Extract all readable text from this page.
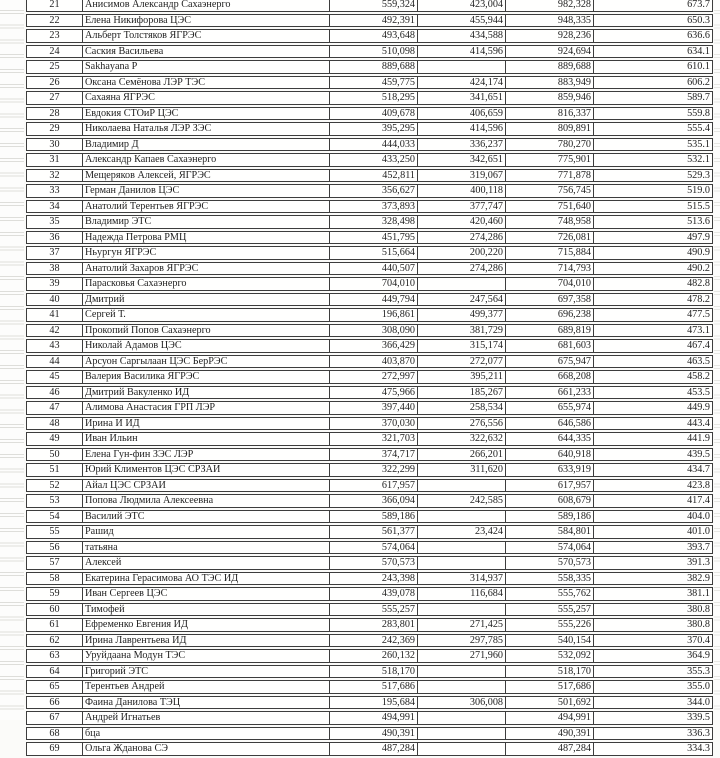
21	Анисимов Александр Сахаэнерго	559,324	423,004	982,328	673.7
22	Елена Никифорова ЦЭС	492,391	455,944	948,335	650.3
23	Альберт Толстяков ЯГРЭС	493,648	434,588	928,236	636.6
24	Саския Васильева	510,098	414,596	924,694	634.1
25	Sakhayana P	889,688		889,688	610.1
26	Оксана Семёнова ЛЭР ТЭС	459,775	424,174	883,949	606.2
27	Сахаяна ЯГРЭС	518,295	341,651	859,946	589.7
28	Евдокия СТОиР ЦЭС	409,678	406,659	816,337	559.8
29	Николаева Наталья ЛЭР ЗЭС	395,295	414,596	809,891	555.4
30	Владимир Д	444,033	336,237	780,270	535.1
31	Александр Капаев Сахаэнерго	433,250	342,651	775,901	532.1
32	Мещеряков Алексей, ЯГРЭС	452,811	319,067	771,878	529.3
33	Герман Данилов ЦЭС	356,627	400,118	756,745	519.0
34	Анатолий Терентьев ЯГРЭС	373,893	377,747	751,640	515.5
35	Владимир ЭТС	328,498	420,460	748,958	513.6
36	Надежда Петрова РМЦ	451,795	274,286	726,081	497.9
37	Ньургун ЯГРЭС	515,664	200,220	715,884	490.9
38	Анатолий Захаров ЯГРЭС	440,507	274,286	714,793	490.2
39	Парасковья Сахаэнерго	704,010		704,010	482.8
40	Дмитрий	449,794	247,564	697,358	478.2
41	Сергей Т.	196,861	499,377	696,238	477.5
42	Прокопий Попов Сахаэнерго	308,090	381,729	689,819	473.1
43	Николай Адамов ЦЭС	366,429	315,174	681,603	467.4
44	Арсуон Саргылаан ЦЭС БерРЭС	403,870	272,077	675,947	463.5
45	Валерия Василика ЯГРЭС	272,997	395,211	668,208	458.2
46	Дмитрий Вакуленко ИД	475,966	185,267	661,233	453.5
47	Алимова Анастасия ГРП ЛЭР	397,440	258,534	655,974	449.9
48	Ирина И ИД	370,030	276,556	646,586	443.4
49	Иван Ильин	321,703	322,632	644,335	441.9
50	Елена Гун-фин ЗЭС ЛЭР	374,717	266,201	640,918	439.5
51	Юрий Климентов ЦЭС СРЗАИ	322,299	311,620	633,919	434.7
52	Айал ЦЭС СРЗАИ	617,957		617,957	423.8
53	Попова Людмила Алексеевна	366,094	242,585	608,679	417.4
54	Василий ЭТС	589,186		589,186	404.0
55	Рашид	561,377	23,424	584,801	401.0
56	татьяна	574,064		574,064	393.7
57	Алексей	570,573		570,573	391.3
58	Екатерина Герасимова АО ТЭС ИД	243,398	314,937	558,335	382.9
59	Иван Сергеев ЦЭС	439,078	116,684	555,762	381.1
60	Тимофей	555,257		555,257	380.8
61	Ефременко Евгения ИД	283,801	271,425	555,226	380.8
62	Ирина Лаврентьева ИД	242,369	297,785	540,154	370.4
63	Уруйдаана Модун ТЭС	260,132	271,960	532,092	364.9
64	Григорий ЭТС	518,170		518,170	355.3
65	Терентьев Андрей	517,686		517,686	355.0
66	Фаина Данилова ТЭЦ	195,684	306,008	501,692	344.0
67	Андрей Игнатьев	494,991		494,991	339.5
68	бца	490,391		490,391	336.3
69	Ольга Жданова СЭ	487,284		487,284	334.3
